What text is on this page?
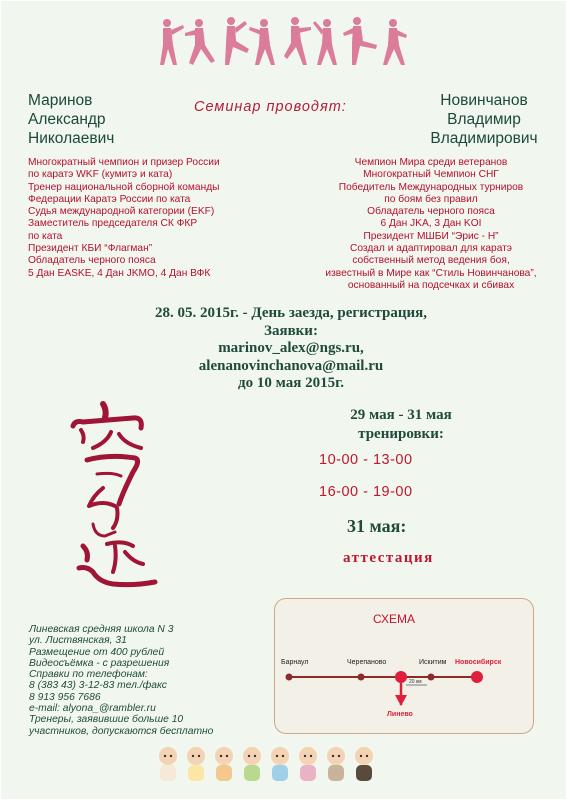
Маринов
Александр
Николаевич
Семинар проводят:	Новинчанов
Владимир
Владимирович
Многократный чемпион и призер России
по каратэ WKF (кумитэ и ката)
Тренер национальной сборной команды
Федерации Каратэ России по ката
Судья международной категории (EKF)
Заместитель председателя СК ФКР
по ката
Президент КБИ “Флагман”
Обладатель черного пояса
5 Дан EASKE, 4 Дан JKMO, 4 Дан ВФК
Чемпион Мира среди ветеранов
Многократный Чемпион СНГ
Победитель Международных турниров
по боям без правил
Обладатель черного пояса
6 Дан JKA, 3 Дан KOI
Президент МШБИ “Эрис - Н”
Создал и адаптировал для каратэ
собственный метод ведения боя,
известный в Мире как “Стиль Новинчанова”,
основанный на подсечках и сбивах
28. 05. 2015г. - День заезда, регистрация,
Заявки:
marinov_alex@ngs.ru,
alenanovinchanova@mail.ru
до 10 мая 2015г.
29 мая - 31 мая
тренировки:
10-00 - 13-00
16-00 - 19-00
31 мая:
аттестация
Линевская средняя школа N 3
ул. Листвянская, 31
Размещение от 400 рублей
Видеосъёмка - с разрешения
Справки по телефонам:
8 (383 43) 3-12-83 тел./факс
8 913 956 7686
e-mail: alyona_@rambler.ru
Тренеры, заявившие больше 10
участников, допускаются бесплатно
СХЕМА
Барнаул	Черепаново	Искитим Новосибирск
20 км
Линево
